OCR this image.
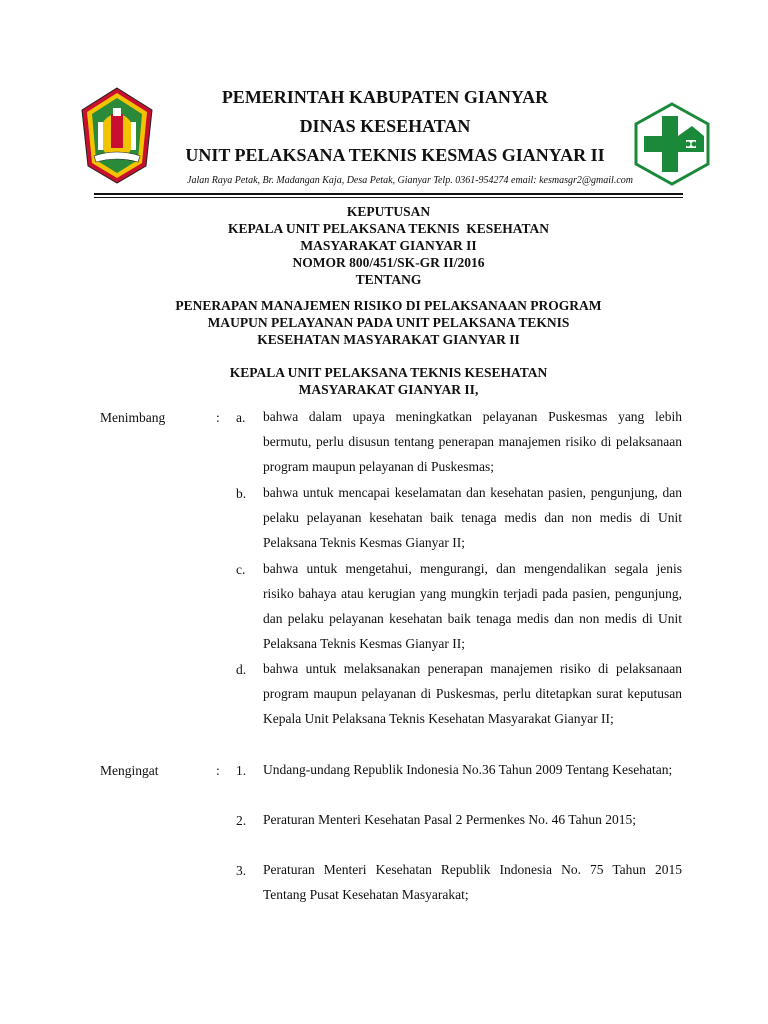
PEMERINTAH KABUPATEN GIANYAR
DINAS KESEHATAN
UNIT PELAKSANA TEKNIS KESMAS GIANYAR II
Jalan Raya Petak, Br. Madangan Kaja, Desa Petak, Gianyar Telp. 0361-954274 email: kesmasgr2@gmail.com
KEPUTUSAN
KEPALA UNIT PELAKSANA TEKNIS  KESEHATAN
MASYARAKAT GIANYAR II
NOMOR 800/451/SK-GR II/2016
TENTANG
PENERAPAN MANAJEMEN RISIKO DI PELAKSANAAN PROGRAM
MAUPUN PELAYANAN PADA UNIT PELAKSANA TEKNIS
KESEHATAN MASYARAKAT GIANYAR II
KEPALA UNIT PELAKSANA TEKNIS KESEHATAN
MASYARAKAT GIANYAR II,
Menimbang	: a. bahwa dalam upaya meningkatkan pelayanan Puskesmas yang lebih bermutu, perlu disusun tentang penerapan manajemen risiko di pelaksanaan program maupun pelayanan di Puskesmas;
b. bahwa untuk mencapai keselamatan dan kesehatan pasien, pengunjung, dan pelaku pelayanan kesehatan baik tenaga medis dan non medis di Unit Pelaksana Teknis Kesmas Gianyar II;
c. bahwa untuk mengetahui, mengurangi, dan mengendalikan segala jenis risiko bahaya atau kerugian yang mungkin terjadi pada pasien, pengunjung, dan pelaku pelayanan kesehatan baik tenaga medis dan non medis di Unit Pelaksana Teknis Kesmas Gianyar II;
d. bahwa untuk melaksanakan penerapan manajemen risiko di pelaksanaan program maupun pelayanan di Puskesmas, perlu ditetapkan surat keputusan Kepala Unit Pelaksana Teknis Kesehatan Masyarakat Gianyar II;
Mengingat	: 1. Undang-undang Republik Indonesia No.36 Tahun 2009 Tentang Kesehatan;
2. Peraturan Menteri Kesehatan Pasal 2 Permenkes No. 46 Tahun 2015;
3. Peraturan Menteri Kesehatan Republik Indonesia No. 75 Tahun 2015 Tentang Pusat Kesehatan Masyarakat;
